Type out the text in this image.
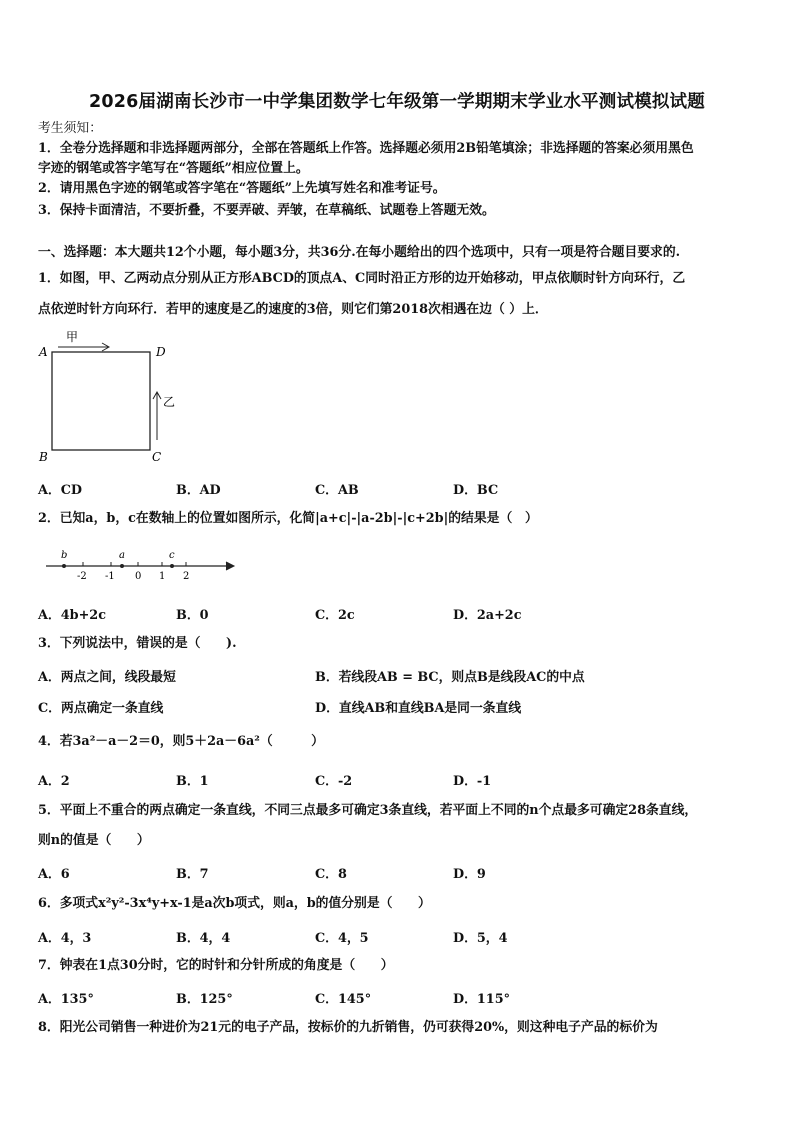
2026届湖南长沙市一中学集团数学七年级第一学期期末学业水平测试模拟试题
考生须知：
1．全卷分选择题和非选择题两部分，全部在答题纸上作答。选择题必须用2B铅笔填涂；非选择题的答案必须用黑色
字迹的钢笔或答字笔写在“答题纸”相应位置上。
2．请用黑色字迹的钢笔或答字笔在“答题纸”上先填写姓名和准考证号。
3．保持卡面清洁，不要折叠，不要弄破、弄皱，在草稿纸、试题卷上答题无效。
一、选择题：本大题共12个小题，每小题3分，共36分.在每小题给出的四个选项中，只有一项是符合题目要求的.
1．如图，甲、乙两动点分别从正方形ABCD的顶点A、C同时沿正方形的边开始移动，甲点依顺时针方向环行，乙
点依逆时针方向环行．若甲的速度是乙的速度的3倍，则它们第2018次相遇在边（ ）上．
A	D
B	C
甲
乙
A．CD	B．AD	C．AB	D．BC
2．已知a，b，c在数轴上的位置如图所示，化简|a+c|-|a-2b|-|c+2b|的结果是（　）
b	a	c
-2 -1 0 1 2
A．4b+2c	B．0	C．2c	D．2a+2c
3．下列说法中，错误的是（　　).
A．两点之间，线段最短	B．若线段AB = BC，则点B是线段AC的中点
C．两点确定一条直线	D．直线AB和直线BA是同一条直线
4．若3a²－a－2＝0，则5＋2a－6a²（　　　）
A．2	B．1	C．-2	D．-1
5．平面上不重合的两点确定一条直线，不同三点最多可确定3条直线，若平面上不同的n个点最多可确定28条直线，
则n的值是（　　）
A．6	B．7	C．8	D．9
6．多项式x²y²-3x⁴y+x-1是a次b项式，则a，b的值分别是（　　）
A．4，3	B．4，4	C．4，5	D．5，4
7．钟表在1点30分时，它的时针和分针所成的角度是（　　）
A．135°	B．125°	C．145°	D．115°
8．阳光公司销售一种进价为21元的电子产品，按标价的九折销售，仍可获得20%，则这种电子产品的标价为
